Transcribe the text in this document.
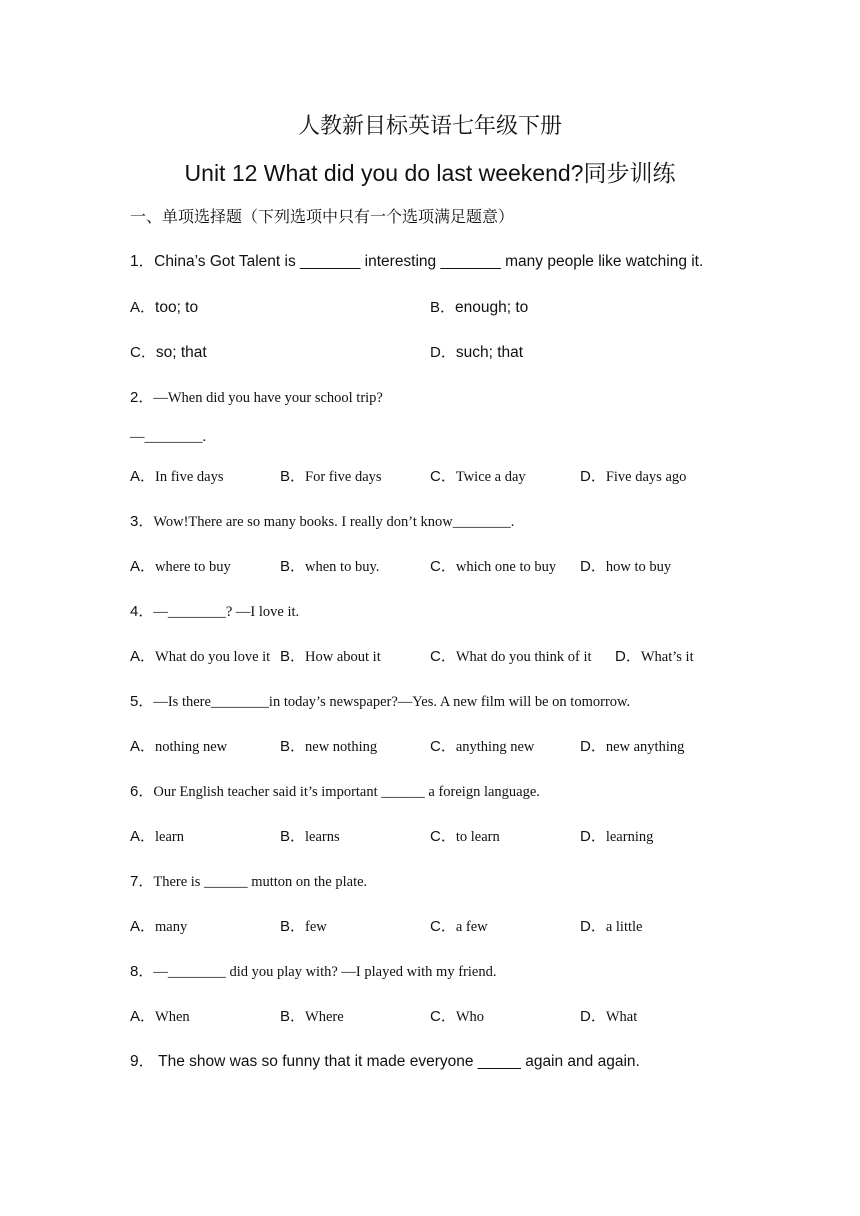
人教新目标英语七年级下册
Unit 12 What did you do last weekend?同步训练
一、单项选择题（下列选项中只有一个选项满足题意）
1．China’s Got Talent is _______ interesting _______ many people like watching it.
A．too; to	B．enough; to
C．so; that	D．such; that
2．—When did you have your school trip?
—________.
A．In five days	B．For five days	C．Twice a day	D．Five days ago
3．Wow!There are so many books. I really don’t know________.
A．where to buy	B．when to buy.	C．which one to buy D．how to buy
4．—________? —I love it.
A．What do you love it B．How about it	C．What do you think of it D．What’s it
5．—Is there________in today’s newspaper?—Yes. A new film will be on tomorrow.
A．nothing new	B．new nothing	C．anything new	D．new anything
6．Our English teacher said it’s important ______ a foreign language.
A．learn	B．learns	C．to learn	D．learning
7．There is ______ mutton on the plate.
A．many	B．few	C．a few	D．a little
8．—________ did you play with? —I played with my friend.
A．When	B．Where	C．Who	D．What
9． The show was so funny that it made everyone _____ again and again.
